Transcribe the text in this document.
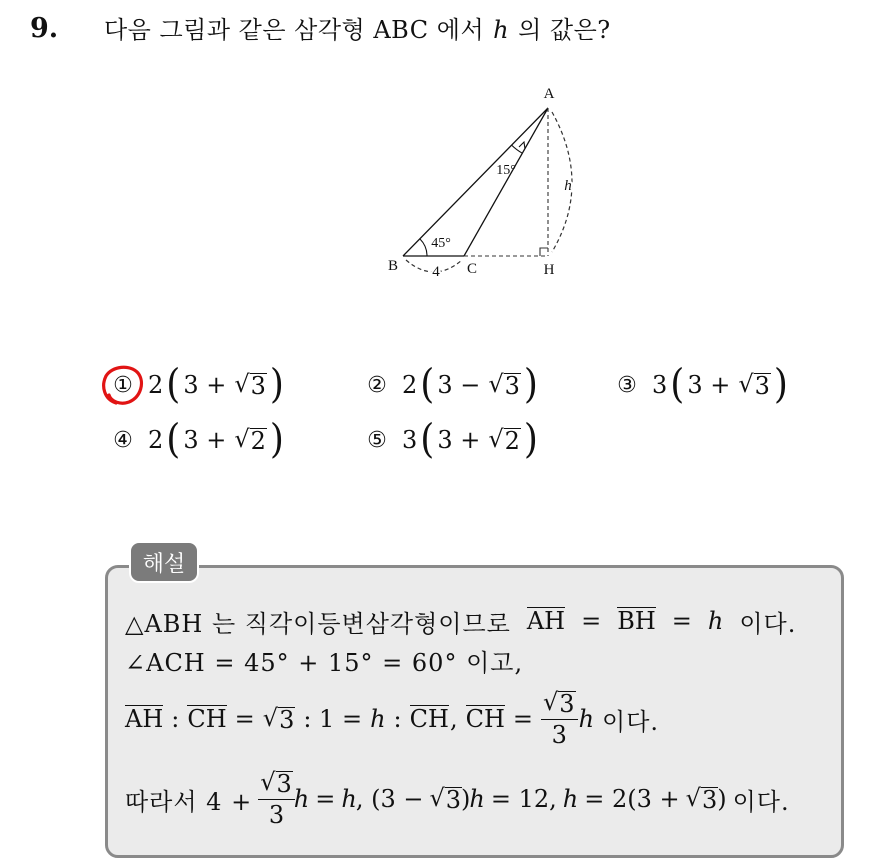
9. 다음 그림과 같은 삼각형 ABC 에서 h 의 값은?
A
B	C	H
15°
45°
4
h
① 2 ( 3 + √ 3 )	② 2 ( 3 − √ 3 )	③ 3 ( 3 + √ 3 )
④ 2 ( 3 + √ 2 )	⑤ 3 ( 3 + √ 2 )
해설
△ABH 는 직각이등변삼각형이므로 AH = BH = h 이다.
∠ACH = 45° + 15° = 60° 이고,
AH : CH = √ 3 : 1 = h : CH , CH = $\frac{√ 3}{3}$ h 이다.
따라서 $4 + \frac{√ 3}{3}$ h = h , (3 − √ 3 ) h = 12, h = 2(3 + √ 3 ) 이다.
